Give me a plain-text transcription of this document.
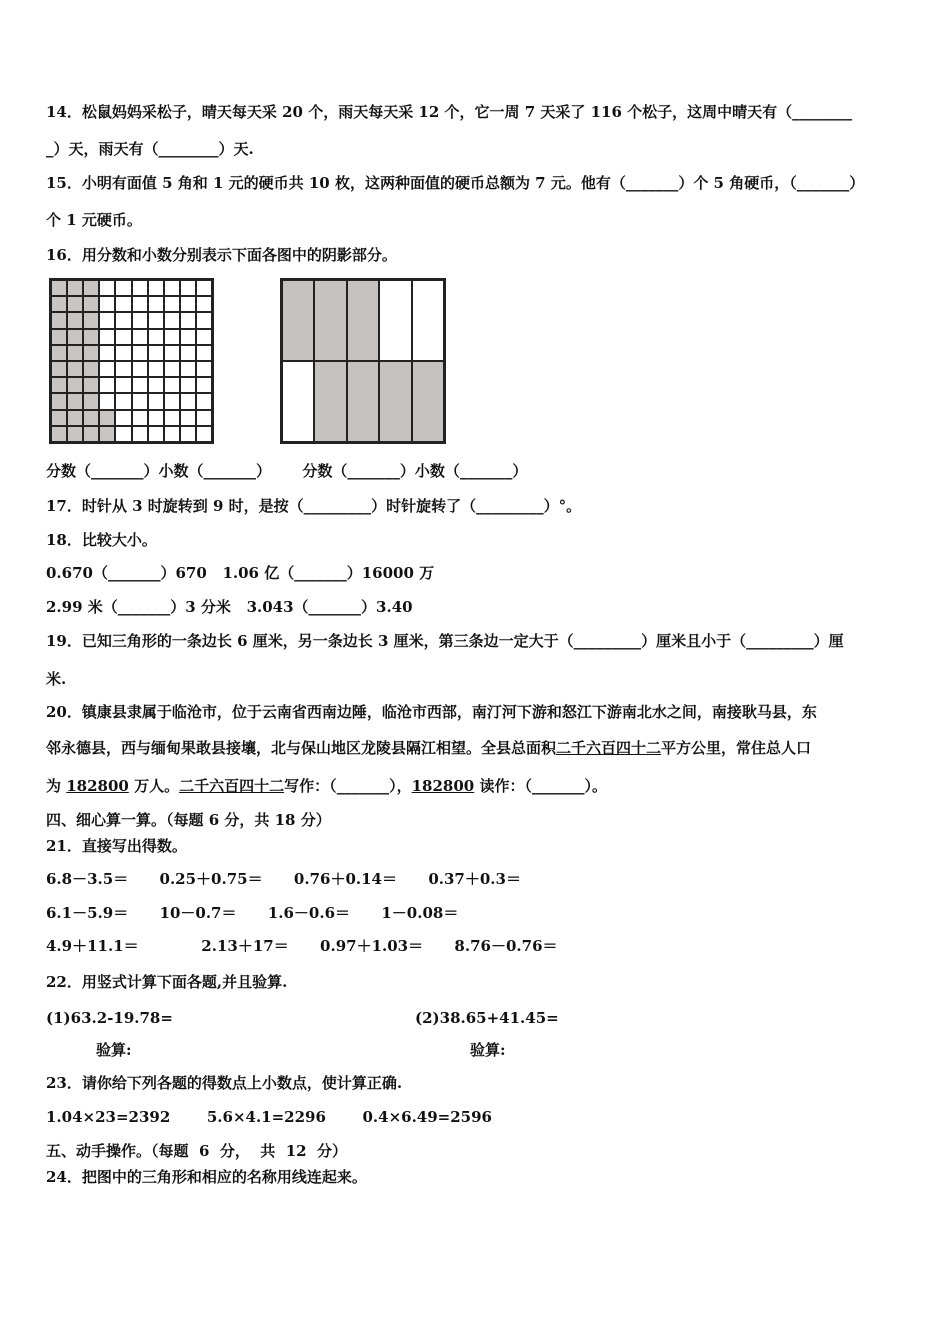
14．松鼠妈妈采松子，晴天每天采 20 个，雨天每天采 12 个，它一周 7 天采了 116 个松子，这周中晴天有（________
_）天，雨天有（________）天.
15．小明有面值 5 角和 1 元的硬币共 10 枚，这两种面值的硬币总额为 7 元。他有（_______）个 5 角硬币，（_______）
个 1 元硬币。
16．用分数和小数分别表示下面各图中的阴影部分。
分数（_______）小数（_______）      分数（_______）小数（_______）
17．时针从 3 时旋转到 9 时，是按（_________）时针旋转了（_________）°。
18．比较大小。
0.670（_______）670   1.06 亿（_______）16000 万
2.99 米（_______）3 分米   3.043（_______）3.40
19．已知三角形的一条边长 6 厘米，另一条边长 3 厘米，第三条边一定大于（_________）厘米且小于（_________）厘
米.
20．镇康县隶属于临沧市，位于云南省西南边陲，临沧市西部，南汀河下游和怒江下游南北水之间，南接耿马县，东
邻永德县，西与缅甸果敢县接壤，北与保山地区龙陵县隔江相望。全县总面积二千六百四十二平方公里，常住总人口
为 182800 万人。二千六百四十二写作：（_______），182800 读作：（_______）。
四、细心算一算。（每题 6 分，共 18 分）
21．直接写出得数。
6.8－3.5＝      0.25＋0.75＝      0.76＋0.14＝      0.37＋0.3＝
6.1－5.9＝      10－0.7＝      1.6－0.6＝      1－0.08＝
4.9＋11.1＝            2.13＋17＝      0.97＋1.03＝      8.76－0.76＝
22．用竖式计算下面各题,并且验算.
(1)63.2-19.78=	(2)38.65+41.45=
验算:	验算:
23．请你给下列各题的得数点上小数点，使计算正确.
1.04×23=2392       5.6×4.1=2296       0.4×6.49=2596
五、动手操作。（每题  6  分，  共  12  分）
24．把图中的三角形和相应的名称用线连起来。
